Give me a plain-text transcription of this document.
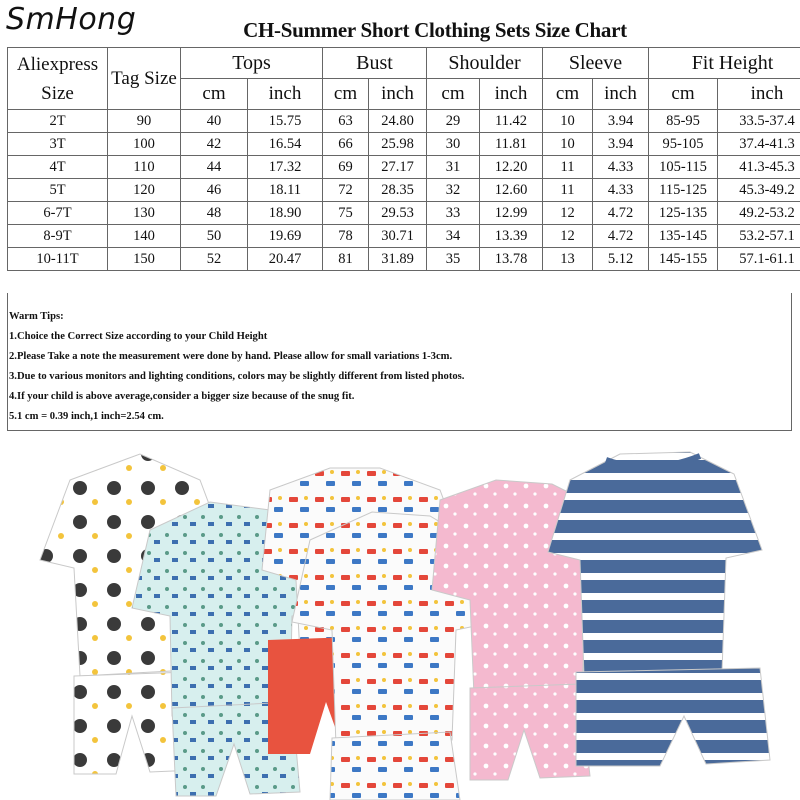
SmHong	CH-Summer Short Clothing Sets Size Chart
Aliexpress
Size	Tag Size	Tops		Bust		Shoulder		Sleeve		Fit Height	
		cm	inch	cm	inch	cm	inch	cm	inch	cm	inch
2T	90	40	15.75	63	24.80	29	11.42	10	3.94	85-95	33.5-37.4
3T	100	42	16.54	66	25.98	30	11.81	10	3.94	95-105	37.4-41.3
4T	110	44	17.32	69	27.17	31	12.20	11	4.33	105-115	41.3-45.3
5T	120	46	18.11	72	28.35	32	12.60	11	4.33	115-125	45.3-49.2
6-7T	130	48	18.90	75	29.53	33	12.99	12	4.72	125-135	49.2-53.2
8-9T	140	50	19.69	78	30.71	34	13.39	12	4.72	135-145	53.2-57.1
10-11T	150	52	20.47	81	31.89	35	13.78	13	5.12	145-155	57.1-61.1
Warm Tips:
1.Choice the Correct Size according to your Child Height
2.Please Take a note the measurement were done by hand. Please allow for small variations 1-3cm.
3.Due to various monitors and lighting conditions, colors may be slightly different from listed photos.
4.If your child is above average,consider a bigger size because of the snug fit.
5.1 cm = 0.39 inch,1 inch=2.54 cm.
